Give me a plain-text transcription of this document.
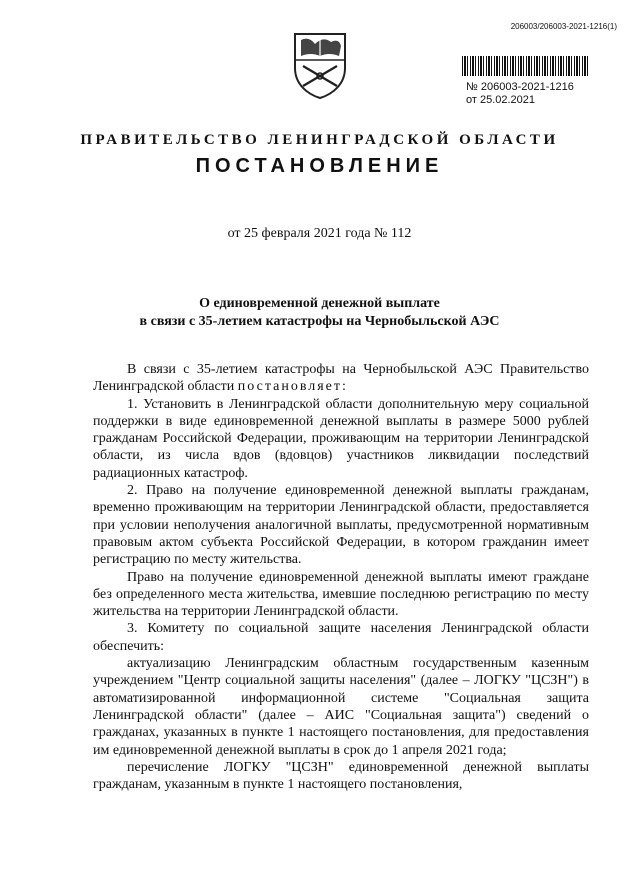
206003/206003-2021-1216(1)
№ 206003-2021-1216
от 25.02.2021
ПРАВИТЕЛЬСТВО ЛЕНИНГРАДСКОЙ ОБЛАСТИ
ПОСТАНОВЛЕНИЕ
от 25 февраля 2021 года № 112
О единовременной денежной выплате
в связи с 35-летием катастрофы на Чернобыльской АЭС

В связи с 35-летием катастрофы на Чернобыльской АЭС Правительство Ленинградской области постановляет:

1. Установить в Ленинградской области дополнительную меру социальной поддержки в виде единовременной денежной выплаты в размере 5000 рублей гражданам Российской Федерации, проживающим на территории Ленинградской области, из числа вдов (вдовцов) участников ликвидации последствий радиационных катастроф.

2. Право на получение единовременной денежной выплаты гражданам, временно проживающим на территории Ленинградской области, предоставляется при условии неполучения аналогичной выплаты, предусмотренной нормативным правовым актом субъекта Российской Федерации, в котором гражданин имеет регистрацию по месту жительства.

Право на получение единовременной денежной выплаты имеют граждане без определенного места жительства, имевшие последнюю регистрацию по месту жительства на территории Ленинградской области.

3. Комитету по социальной защите населения Ленинградской области обеспечить:

актуализацию Ленинградским областным государственным казенным учреждением "Центр социальной защиты населения" (далее – ЛОГКУ "ЦСЗН") в автоматизированной информационной системе "Социальная защита Ленинградской области" (далее – АИС "Социальная защита") сведений о гражданах, указанных в пункте 1 настоящего постановления, для предоставления им единовременной денежной выплаты в срок до 1 апреля 2021 года;

перечисление ЛОГКУ "ЦСЗН" единовременной денежной выплаты гражданам, указанным в пункте 1 настоящего постановления,
